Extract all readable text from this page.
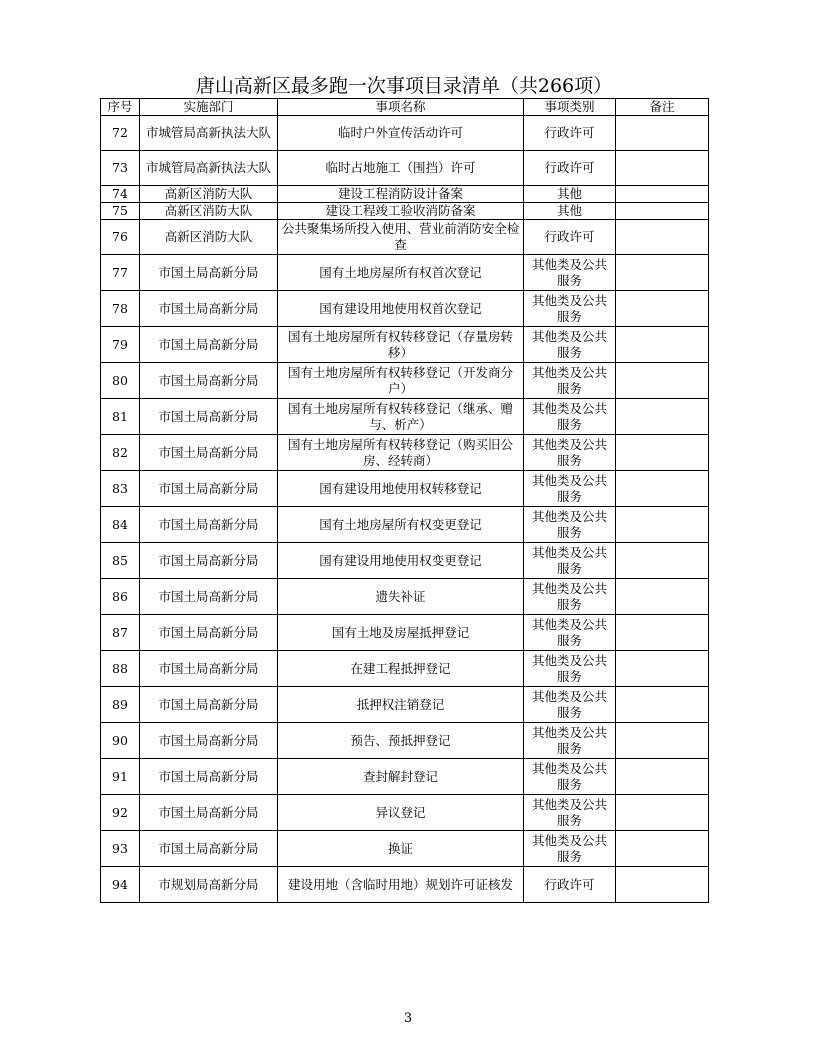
唐山高新区最多跑一次事项目录清单（共266项）
序号	实施部门	事项名称	事项类别	备注
72	市城管局高新执法大队	临时户外宣传活动许可	行政许可	
73	市城管局高新执法大队	临时占地施工（围挡）许可	行政许可	
74	高新区消防大队	建设工程消防设计备案	其他	
75	高新区消防大队	建设工程竣工验收消防备案	其他	
76	高新区消防大队	公共聚集场所投入使用、营业前消防安全检查	行政许可	
77	市国土局高新分局	国有土地房屋所有权首次登记	其他类及公共服务	
78	市国土局高新分局	国有建设用地使用权首次登记	其他类及公共服务	
79	市国土局高新分局	国有土地房屋所有权转移登记（存量房转移）	其他类及公共服务	
80	市国土局高新分局	国有土地房屋所有权转移登记（开发商分户）	其他类及公共服务	
81	市国土局高新分局	国有土地房屋所有权转移登记（继承、赠与、析产）	其他类及公共服务	
82	市国土局高新分局	国有土地房屋所有权转移登记（购买旧公房、经转商）	其他类及公共服务	
83	市国土局高新分局	国有建设用地使用权转移登记	其他类及公共服务	
84	市国土局高新分局	国有土地房屋所有权变更登记	其他类及公共服务	
85	市国土局高新分局	国有建设用地使用权变更登记	其他类及公共服务	
86	市国土局高新分局	遗失补证	其他类及公共服务	
87	市国土局高新分局	国有土地及房屋抵押登记	其他类及公共服务	
88	市国土局高新分局	在建工程抵押登记	其他类及公共服务	
89	市国土局高新分局	抵押权注销登记	其他类及公共服务	
90	市国土局高新分局	预告、预抵押登记	其他类及公共服务	
91	市国土局高新分局	查封解封登记	其他类及公共服务	
92	市国土局高新分局	异议登记	其他类及公共服务	
93	市国土局高新分局	换证	其他类及公共服务	
94	市规划局高新分局	建设用地（含临时用地）规划许可证核发	行政许可	
3
